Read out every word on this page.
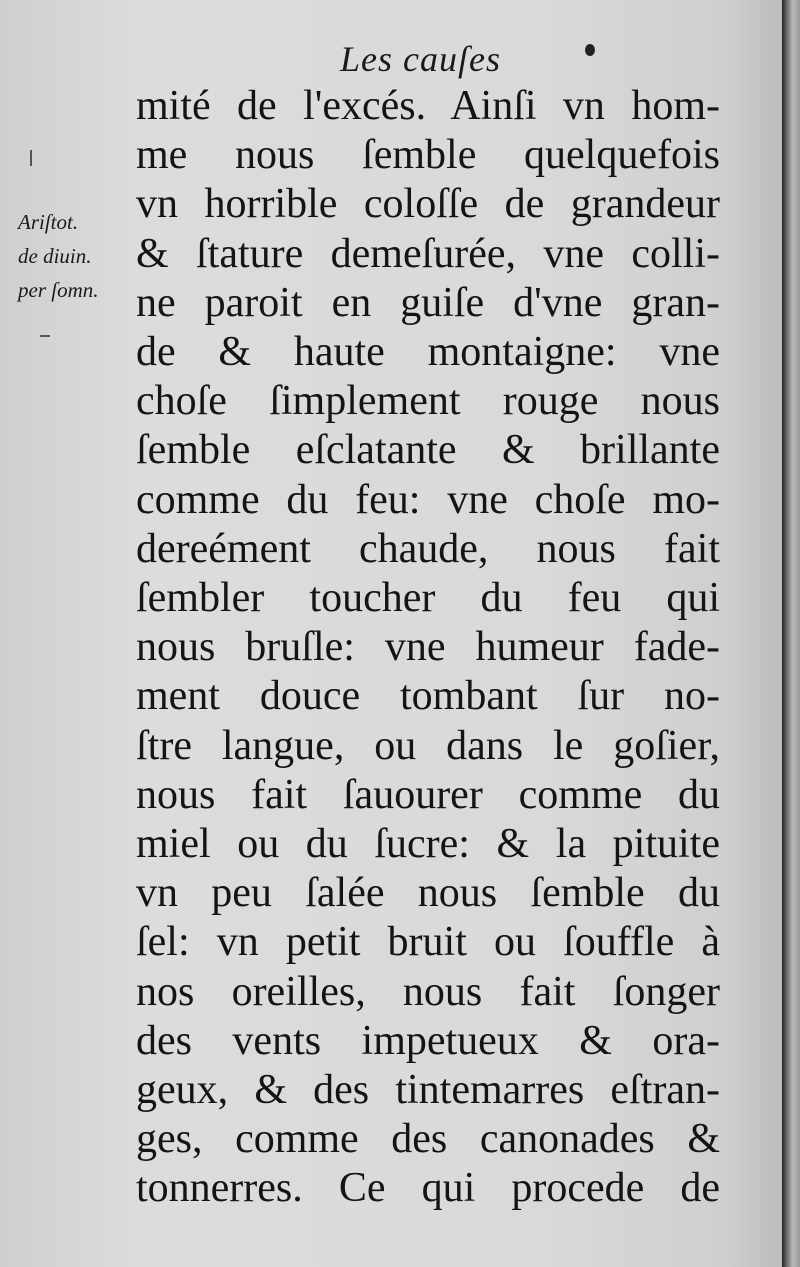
Les cauſes
Ariſtot.
de diuin.
per ſomn.
mité de l'excés. Ainſi vn hom-
me nous ſemble quelquefois
vn horrible coloſſe de grandeur
& ſtature demeſurée, vne colli-
ne paroit en guiſe d'vne gran-
de & haute montaigne: vne
choſe ſimplement rouge nous
ſemble eſclatante & brillante
comme du feu: vne choſe mo-
dereément chaude, nous fait
ſembler toucher du feu qui
nous bruſle: vne humeur fade-
ment douce tombant ſur no-
ſtre langue, ou dans le goſier,
nous fait ſauourer comme du
miel ou du ſucre: & la pituite
vn peu ſalée nous ſemble du
ſel: vn petit bruit ou ſouffle à
nos oreilles, nous fait ſonger
des vents impetueux & ora-
geux, & des tintemarres eſtran-
ges, comme des canonades &
tonnerres. Ce qui procede de
